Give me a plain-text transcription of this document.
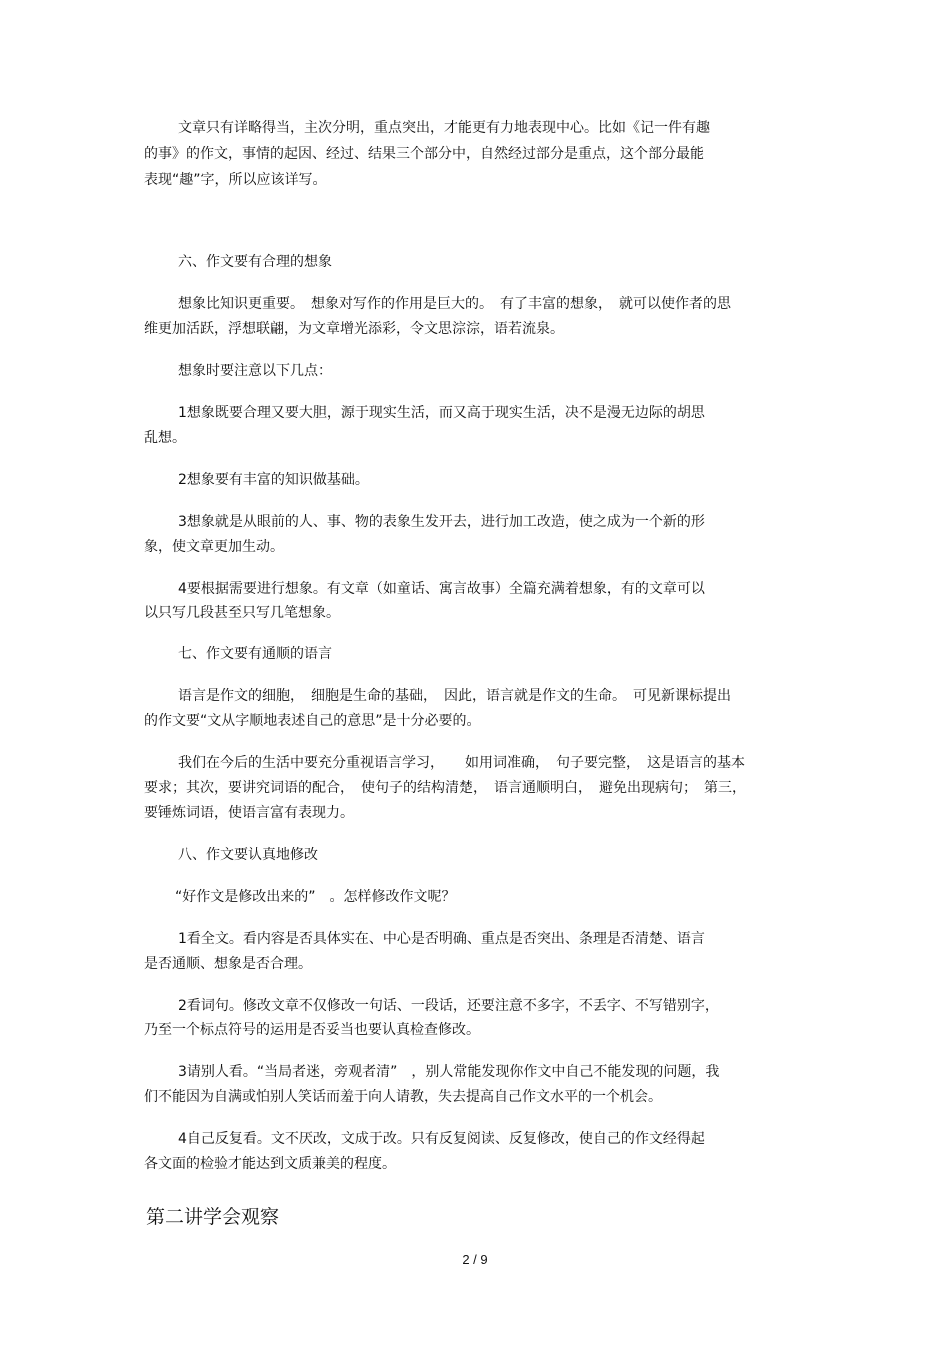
文章只有详略得当，主次分明，重点突出，才能更有力地表现中心。比如《记一件有趣
的事》的作文，事情的起因、经过、结果三个部分中，自然经过部分是重点，这个部分最能
表现“趣”字，所以应该详写。
六、作文要有合理的想象
想象比知识更重要。　想象对写作的作用是巨大的。　有了丰富的想象，　就可以使作者的思
维更加活跃，浮想联翩，为文章增光添彩，令文思淙淙，语若流泉。
想象时要注意以下几点：
1想象既要合理又要大胆，源于现实生活，而又高于现实生活，决不是漫无边际的胡思
乱想。
2想象要有丰富的知识做基础。
3想象就是从眼前的人、事、物的表象生发开去，进行加工改造，使之成为一个新的形
象，使文章更加生动。
4要根据需要进行想象。有文章（如童话、寓言故事）全篇充满着想象，有的文章可以
以只写几段甚至只写几笔想象。
七、作文要有通顺的语言
语言是作文的细胞，　细胞是生命的基础，　因此，语言就是作文的生命。　可见新课标提出
的作文要“文从字顺地表述自己的意思”是十分必要的。
我们在今后的生活中要充分重视语言学习，　　如用词准确，　句子要完整，　这是语言的基本
要求；其次，要讲究词语的配合，　使句子的结构清楚，　语言通顺明白，　避免出现病句；　第三，
要锤炼词语，使语言富有表现力。
八、作文要认真地修改
“好作文是修改出来的”　。怎样修改作文呢？
1看全文。看内容是否具体实在、中心是否明确、重点是否突出、条理是否清楚、语言
是否通顺、想象是否合理。
2看词句。修改文章不仅修改一句话、一段话，还要注意不多字，不丢字、不写错别字，
乃至一个标点符号的运用是否妥当也要认真检查修改。
3请别人看。“当局者迷，旁观者清”　，别人常能发现你作文中自己不能发现的问题，我
们不能因为自满或怕别人笑话而羞于向人请教，失去提高自己作文水平的一个机会。
4自己反复看。文不厌改，文成于改。只有反复阅读、反复修改，使自己的作文经得起
各文面的检验才能达到文质兼美的程度。
第二讲学会观察
2 / 9
